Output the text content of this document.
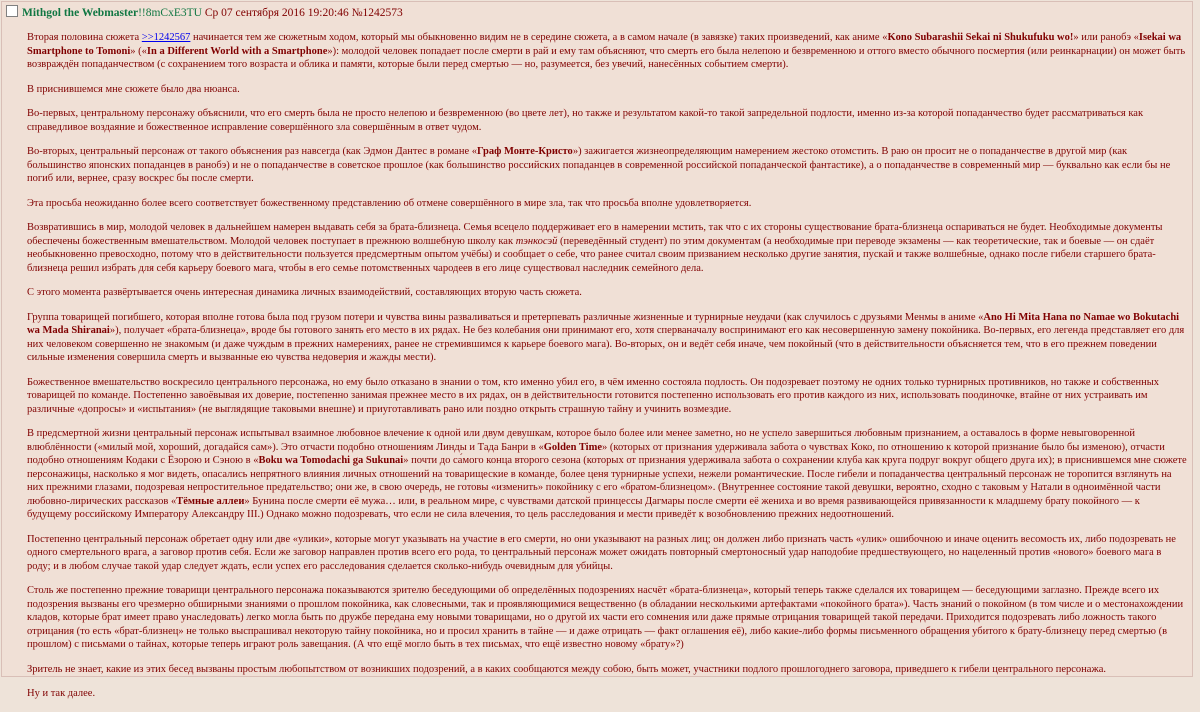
Mithgol the Webmaster!!8mCxE3TU Ср 07 сентября 2016 19:20:46 №1242573

Вторая половина сюжета >>1242567 начинается тем же сюжетным ходом, который мы обыкновенно видим не в середине сюжета, а в самом начале (в завязке) таких произведений, как аниме «Kono Subarashii Sekai ni Shukufuku wo!» или ранобэ «Isekai wa Smartphone to Tomoni» («In a Different World with a Smartphone»): молодой человек попадает после смерти в рай и ему там объясняют, что смерть его была нелепою и безвременною и оттого вместо обычного посмертия (или реинкарнации) он может быть возвраждён попаданчеством (с сохранением того возраста и облика и памяти, которые были перед смертью — но, разумеется, без увечий, нанесённых событием смерти).

В приснившемся мне сюжете было два нюанса.

Во-первых, центральному персонажу объяснили, что его смерть была не просто нелепою и безвременною (во цвете лет), но также и результатом какой-то такой запредельной подлости, именно из-за которой попаданчество будет рассматриваться как справедливое воздаяние и божественное исправление совершённого зла совершённым в ответ чудом.

Во-вторых, центральный персонаж от такого объяснения раз навсегда (как Эдмон Дантес в романе «Граф Монте-Кристо») зажигается жизнеопределяющим намерением жестоко отомстить. В раю он просит не о попаданчестве в другой мир (как большинство японских попаданцев в ранобэ) и не о попаданчестве в советское прошлое (как большинство российских попаданцев в современной российской попаданческой фантастике), а о попаданчестве в современный мир — буквально как если бы не погиб или, вернее, сразу воскрес бы после смерти.

Эта просьба неожиданно более всего соответствует божественному представлению об отмене совершённого в мире зла, так что просьба вполне удовлетворяется.

Возвратившись в мир, молодой человек в дальнейшем намерен выдавать себя за брата-близнеца. Семья всецело поддерживает его в намерении мстить, так что с их стороны существование брата-близнеца оспариваться не будет. Необходимые документы обеспечены божественным вмешательством. Молодой человек поступает в прежнюю волшебную школу как тэнкосэй (переведённый студент) по этим документам (а необходимые при переводе экзамены — как теоретические, так и боевые — он сдаёт необыкновенно превосходно, потому что в действительности пользуется предсмертным опытом учёбы) и сообщает о себе, что ранее считал своим призванием несколько другие занятия, пускай и также волшебные, однако после гибели старшего брата-близнеца решил избрать для себя карьеру боевого мага, чтобы в его семье потомственных чародеев в его лице существовал наследник семейного дела.

С этого момента развёртывается очень интересная динамика личных взаимодействий, составляющих вторую часть сюжета.

Группа товарищей погибшего, которая вполне готова была под грузом потери и чувства вины разваливаться и претерпевать различные жизненные и турнирные неудачи (как случилось с друзьями Менмы в аниме «Ano Hi Mita Hana no Namae wo Bokutachi wa Mada Shiranai»), получает «брата-близнеца», вроде бы готового занять его место в их рядах. Не без колебания они принимают его, хотя сперваначалу воспринимают его как несовершенную замену покойника. Во-первых, его легенда представляет его для них человеком совершенно не знакомым (и даже чуждым в прежних намерениях, ранее не стремившимся к карьере боевого мага). Во-вторых, он и ведёт себя иначе, чем покойный (что в действительности объясняется тем, что в его прежнем поведении сильные изменения совершила смерть и вызванные ею чувства недоверия и жажды мести).

Божественное вмешательство воскресило центрального персонажа, но ему было отказано в знании о том, кто именно убил его, в чём именно состояла подлость. Он подозревает поэтому не одних только турнирных противников, но также и собственных товарищей по команде. Постепенно завоёвывая их доверие, постепенно занимая прежнее место в их рядах, он в действительности готовится постепенно использовать его против каждого из них, использовать поодиночке, втайне от них устраивать им различные «допросы» и «испытания» (не выглядящие таковыми внешне) и приуготавливать рано или поздно открыть страшную тайну и учинить возмездие.

В предсмертной жизни центральный персонаж испытывал взаимное любовное влечение к одной или двум девушкам, которое было более или менее заметно, но не успело завершиться любовным признанием, а оставалось в форме невыговоренной влюблённости («милый мой, хороший, догадайся сам»). Это отчасти подобно отношениям Линды и Тада Банри в «Golden Time» (которых от признания удерживала забота о чувствах Коко, по отношению к которой признание было бы изменою), отчасти подобно отношениям Кодаки с Ёзорою и Сэною в «Boku wa Tomodachi ga Sukunai» почти до са́мого конца второго сезона (которых от признания удерживала забота о сохранении клуба как круга подруг вокруг общего друга их); в приснившемся мне сюжете персонажицы, насколько я мог видеть, опасались непрятного влияния личных отношений на товарищеские в команде, более ценя турнирные успехи, нежели романтические. После гибели и попаданчества центральный персонаж не торопится взглянуть на них прежними глазами, подозревая непростительное предательство; они же, в свою очередь, не готовы «изменить» покойнику с его «братом-близнецом». (Внутреннее состояние такой девушки, вероятно, сходно с таковым у Натали в одноимённой части любовно-лирических рассказов «Тёмные аллеи» Бунина после смерти её мужа… или, в реальном мире, с чувствами датской принцессы Дагмары после смерти её жениха и во время развивающейся привязанности к младшему брату покойного — к будущему российскому Императору Александру III.) Однако можно подозревать, что если не сила влечения, то цель расследования и мести приведёт к возобновлению прежних недоотношений.

Постепенно центральный персонаж обретает одну или две «улики», которые могут указывать на участие в его смерти, но они указывают на разных лиц; он должен либо признать часть «улик» ошибочною и иначе оценить весомость их, либо подозревать не одного смертельного врага, а заговор против себя. Если же заговор направлен против всего его рода, то центральный персонаж может ожидать повторный смертоносный удар наподобие предшествующего, но нацеленный против «нового» боевого мага в роду; и в любом случае такой удар следует ждать, если успех его расследования сделается сколько-нибудь очевидным для убийцы.

Столь же постепенно прежние товарищи центрального персонажа показываются зрителю беседующими об определённых подозрениях насчёт «брата-близнеца», который теперь также сделался их товарищем — беседующими заглазно. Прежде всего их подозрения вызваны его чрезмерно обширными знаниями о прошлом покойника, как словесными, так и проявляющимися вещественно (в обладании несколькими артефактами «покойного брата»). Часть знаний о покойном (в том числе и о местонахождении кладов, которые брат имеет право унаследовать) легко могла быть по дружбе передана ему новыми товарищами, но о другой их части его сомнения или даже прямые отрицания товарищей такой передачи. Приходится подозревать либо ложность такого отрицания (то есть «брат-близнец» не только выспрашивал некоторую тайну покойника, но и просил хранить в тайне — и даже отрицать — факт оглашения её), либо какие-либо формы письменного обращения убитого к брату-близнецу перед смертью (в прошлом) с письмами о тайнах, которые теперь играют роль завещания. (А что ещё могло быть в тех письмах, что ещё известно новому «брату»?)

Зритель не знает, какие из этих бесед вызваны простым любопытством от возникших подозрений, а в каких сообщаются между собою, быть может, участники подлого прошлогоднего заговора, приведшего к гибели центрального персонажа.

Ну и так далее.
